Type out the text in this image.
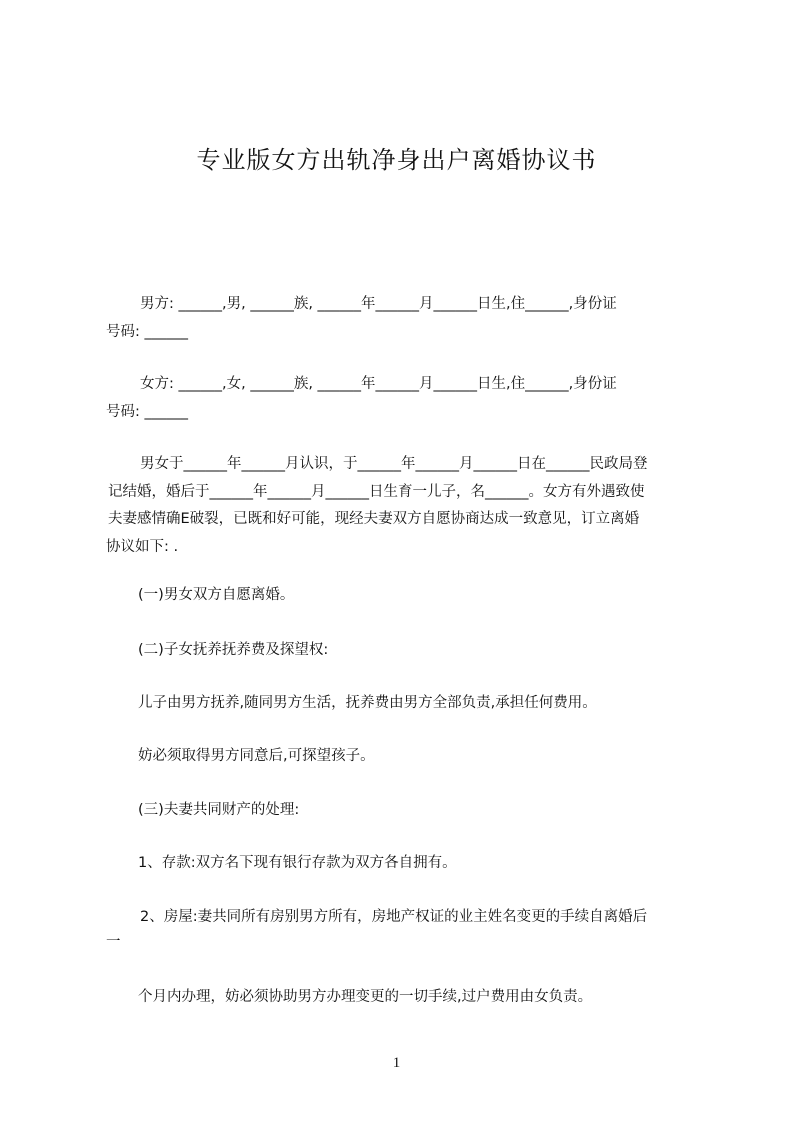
专业版女方出轨净身出户离婚协议书
男方: ______,男, ______族, ______年______月______日生,住______,身份证
号码: ______
女方: ______,女, ______族, ______年______月______日生,住______,身份证
号码: ______
男女于______年______月认识，于______年______月______日在______民政局登
记结婚，婚后于______年______月______日生育一儿子，名______。女方有外遇致使
夫妻感情确E破裂，已既和好可能，现经夫妻双方自愿协商达成一致意见，订立离婚
协议如下: .
(一)男女双方自愿离婚。
(二)子女抚养抚养费及探望权:
儿子由男方抚养,随同男方生活，抚养费由男方全部负责,承担任何费用。
妨必须取得男方同意后,可探望孩子。
(三)夫妻共同财产的处理:
1、存款:双方名下现有银行存款为双方各自拥有。
2、房屋:妻共同所有房别男方所有，房地产权证的业主姓名变更的手续自离婚后
一
个月内办理，妨必须协助男方办理变更的一切手续,过户费用由女负责。
1
